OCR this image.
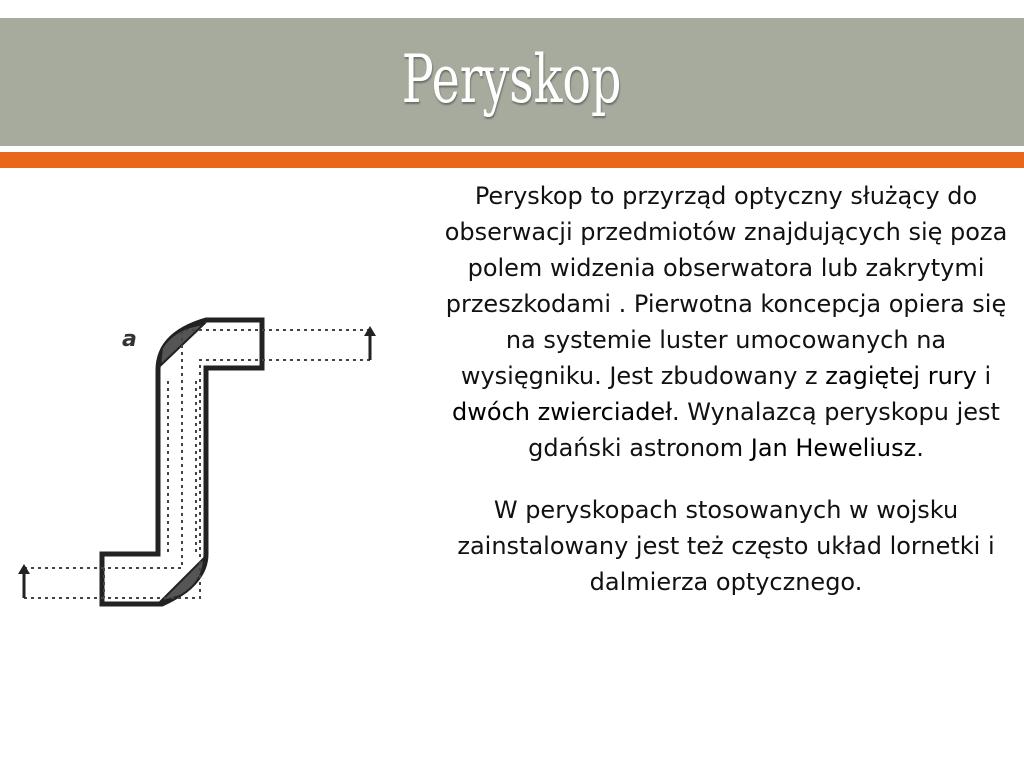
Peryskop
a

Peryskop to przyrząd optyczny służący do obserwacji przedmiotów znajdujących się poza polem widzenia obserwatora lub zakrytymi przeszkodami . Pierwotna koncepcja opiera się na systemie luster umocowanych na wysięgniku. Jest zbudowany z zagiętej rury i dwóch zwierciadeł. Wynalazcą peryskopu jest gdański astronom Jan Heweliusz.

W peryskopach stosowanych w wojsku zainstalowany jest też często układ lornetki i dalmierza optycznego.
